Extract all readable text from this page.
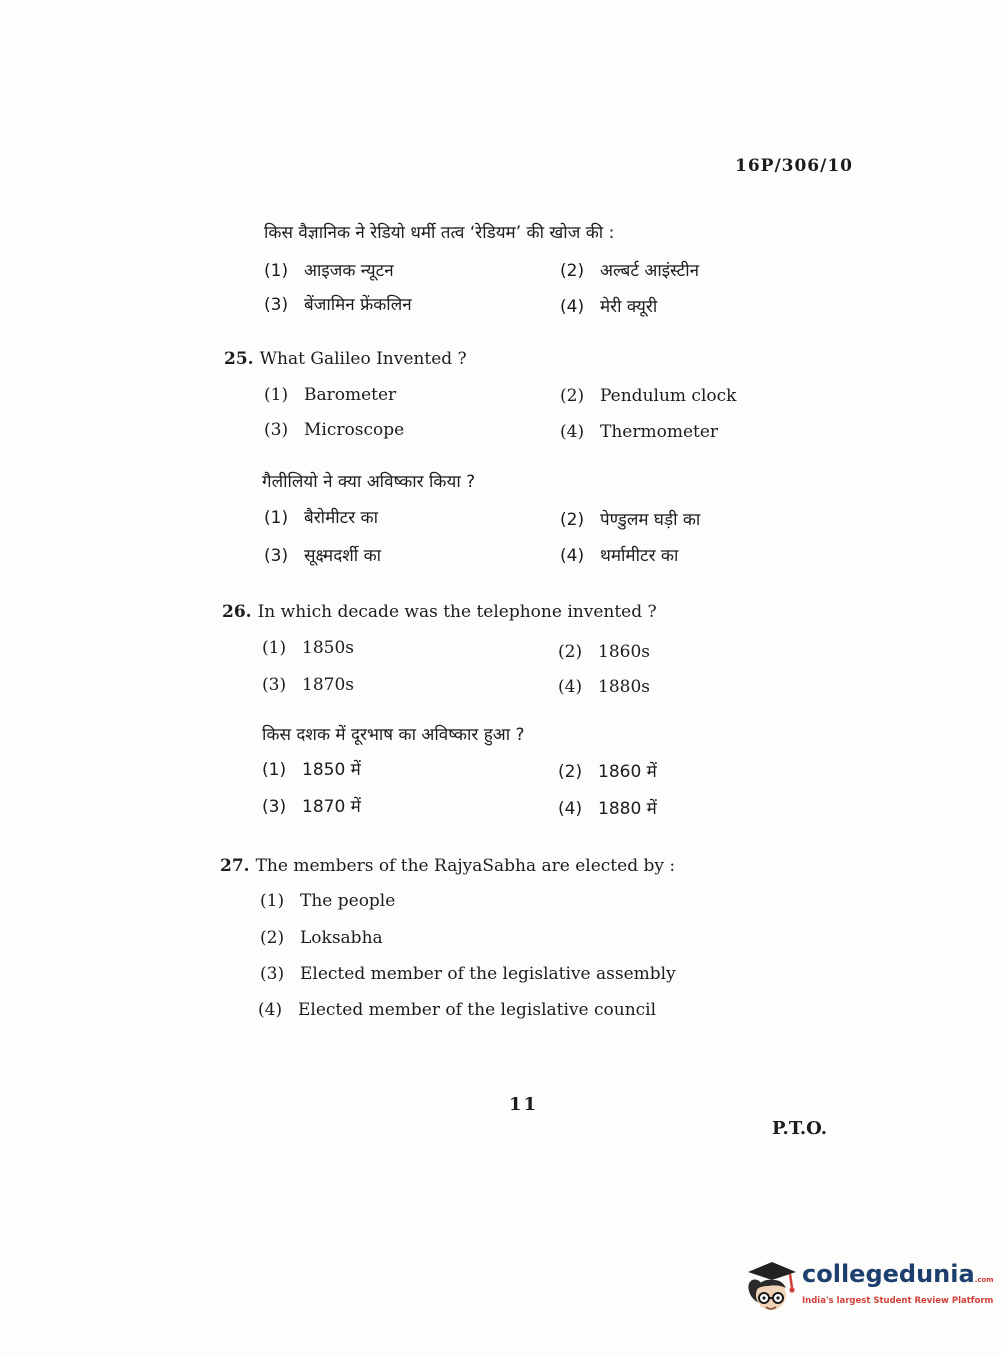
16P/306/10
किस वैज्ञानिक ने रेडियो धर्मी तत्व ‘रेडियम’ की खोज की :
(1) आइजक न्यूटन	(2) अल्बर्ट आइंस्टीन
(3) बेंजामिन फ्रेंकलिन	(4) मेरी क्यूरी
25. What Galileo Invented ?
(1) Barometer	(2) Pendulum clock
(3) Microscope	(4) Thermometer
गैलीलियो ने क्या अविष्कार किया ?
(1) बैरोमीटर का	(2) पेण्डुलम घड़ी का
(3) सूक्ष्मदर्शी का	(4) थर्मामीटर का
26. In which decade was the telephone invented ?
(1) 1850s	(2) 1860s
(3) 1870s	(4) 1880s
किस दशक में दूरभाष का अविष्कार हुआ ?
(1) 1850 में	(2) 1860 में
(3) 1870 में	(4) 1880 में
27. The members of the RajyaSabha are elected by :
(1) The people
(2) Loksabha
(3) Elected member of the legislative assembly
(4) Elected member of the legislative council
11
P.T.O.
collegedunia.com
India's largest Student Review Platform
